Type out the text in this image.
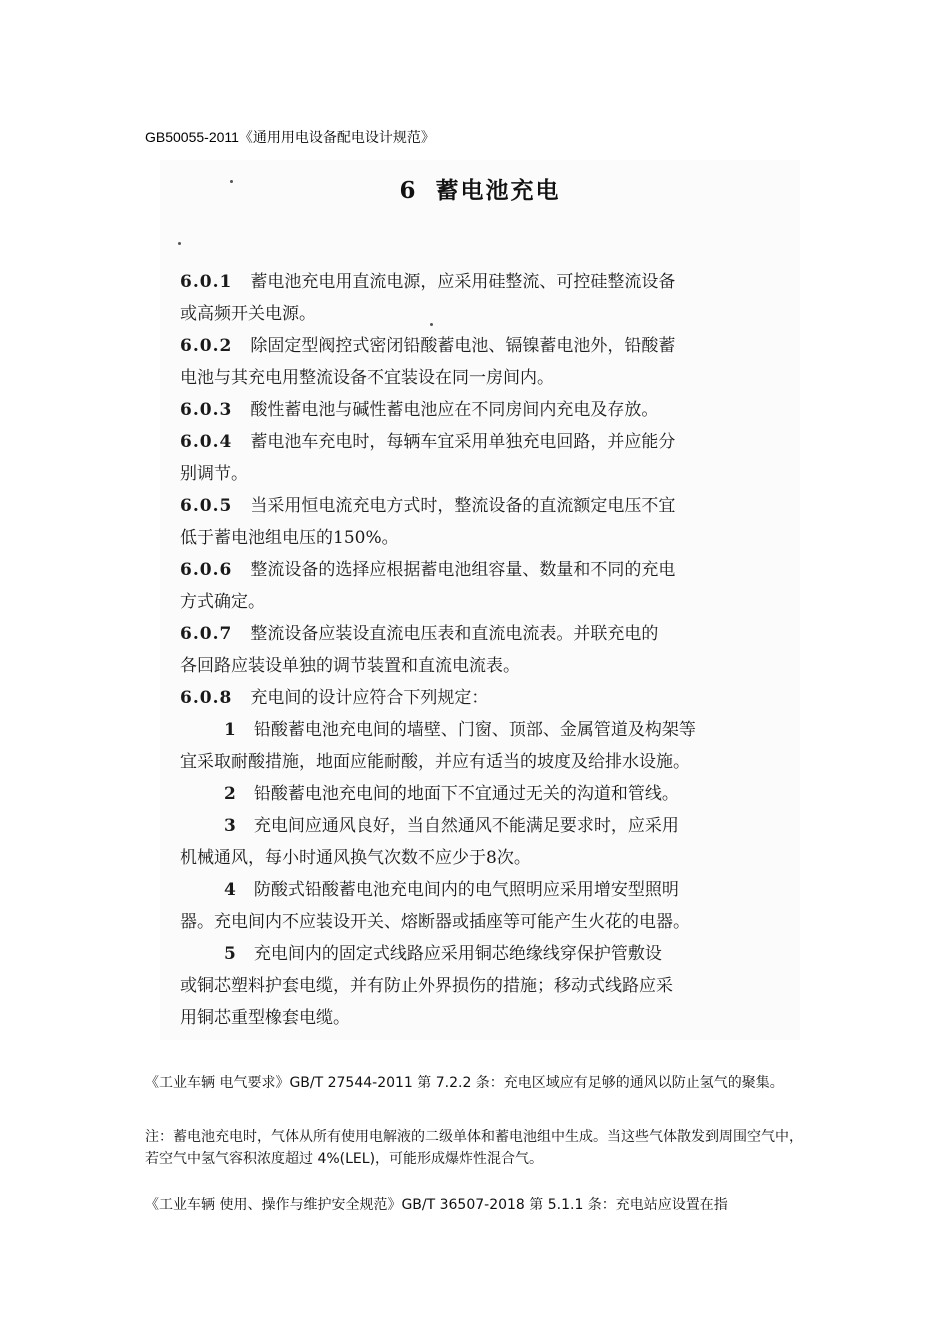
GB50055-2011《通用用电设备配电设计规范》
6 蓄电池充电
6.0.1 蓄电池充电用直流电源，应采用硅整流、可控硅整流设备
或高频开关电源。
6.0.2 除固定型阀控式密闭铅酸蓄电池、镉镍蓄电池外，铅酸蓄
电池与其充电用整流设备不宜装设在同一房间内。
6.0.3 酸性蓄电池与碱性蓄电池应在不同房间内充电及存放。
6.0.4 蓄电池车充电时，每辆车宜采用单独充电回路，并应能分
别调节。
6.0.5 当采用恒电流充电方式时，整流设备的直流额定电压不宜
低于蓄电池组电压的150%。
6.0.6 整流设备的选择应根据蓄电池组容量、数量和不同的充电
方式确定。
6.0.7 整流设备应装设直流电压表和直流电流表。并联充电的
各回路应装设单独的调节装置和直流电流表。
6.0.8 充电间的设计应符合下列规定：
1 铅酸蓄电池充电间的墙壁、门窗、顶部、金属管道及构架等
宜采取耐酸措施，地面应能耐酸，并应有适当的坡度及给排水设施。
2 铅酸蓄电池充电间的地面下不宜通过无关的沟道和管线。
3 充电间应通风良好，当自然通风不能满足要求时，应采用
机械通风，每小时通风换气次数不应少于8次。
4 防酸式铅酸蓄电池充电间内的电气照明应采用增安型照明
器。充电间内不应装设开关、熔断器或插座等可能产生火花的电器。
5 充电间内的固定式线路应采用铜芯绝缘线穿保护管敷设
或铜芯塑料护套电缆，并有防止外界损伤的措施；移动式线路应采
用铜芯重型橡套电缆。
《工业车辆 电气要求》GB/T 27544-2011 第 7.2.2 条：充电区域应有足够的通风以防止氢气的聚集。
注：蓄电池充电时，气体从所有使用电解液的二级单体和蓄电池组中生成。当这些气体散发到周围空气中，若空气中氢气容积浓度超过 4%(LEL)，可能形成爆炸性混合气。
《工业车辆 使用、操作与维护安全规范》GB/T 36507-2018 第 5.1.1 条：充电站应设置在指
